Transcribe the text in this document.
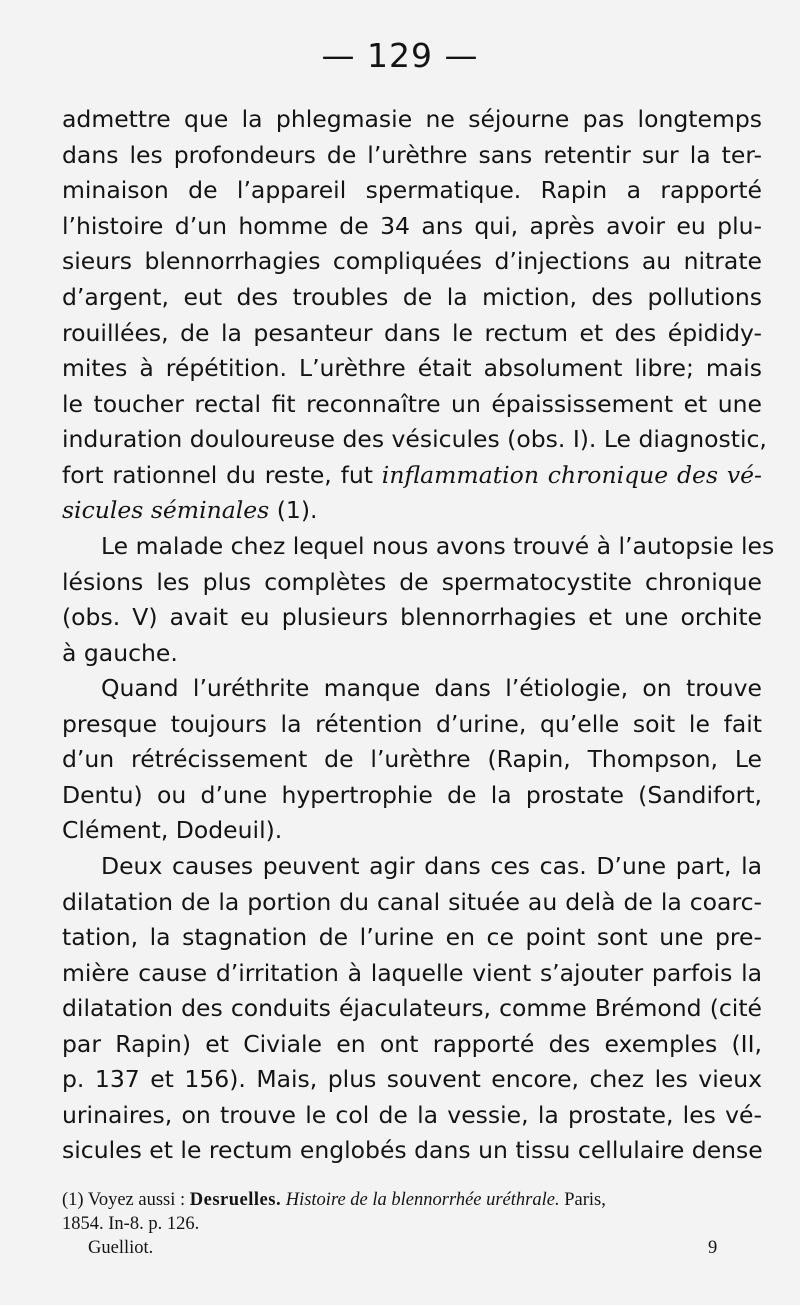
— 129 —
admettre que la phlegmasie ne séjourne pas longtemps
dans les profondeurs de l’urèthre sans retentir sur la ter-
minaison de l’appareil spermatique. Rapin a rapporté
l’histoire d’un homme de 34 ans qui, après avoir eu plu-
sieurs blennorrhagies compliquées d’injections au nitrate
d’argent, eut des troubles de la miction, des pollutions
rouillées, de la pesanteur dans le rectum et des épididy-
mites à répétition. L’urèthre était absolument libre; mais
le toucher rectal fit reconnaître un épaississement et une
induration douloureuse des vésicules (obs. I). Le diagnostic,
fort rationnel du reste, fut inflammation chronique des vé-
sicules séminales (1).
Le malade chez lequel nous avons trouvé à l’autopsie les
lésions les plus complètes de spermatocystite chronique
(obs. V) avait eu plusieurs blennorrhagies et une orchite
à gauche.
Quand l’uréthrite manque dans l’étiologie, on trouve
presque toujours la rétention d’urine, qu’elle soit le fait
d’un rétrécissement de l’urèthre (Rapin, Thompson, Le
Dentu) ou d’une hypertrophie de la prostate (Sandifort,
Clément, Dodeuil).
Deux causes peuvent agir dans ces cas. D’une part, la
dilatation de la portion du canal située au delà de la coarc-
tation, la stagnation de l’urine en ce point sont une pre-
mière cause d’irritation à laquelle vient s’ajouter parfois la
dilatation des conduits éjaculateurs, comme Brémond (cité
par Rapin) et Civiale en ont rapporté des exemples (II,
p. 137 et 156). Mais, plus souvent encore, chez les vieux
urinaires, on trouve le col de la vessie, la prostate, les vé-
sicules et le rectum englobés dans un tissu cellulaire dense
(1) Voyez aussi : Desruelles. Histoire de la blennorrhée uréthrale. Paris,
1854. In-8. p. 126.
Guelliot.	9
